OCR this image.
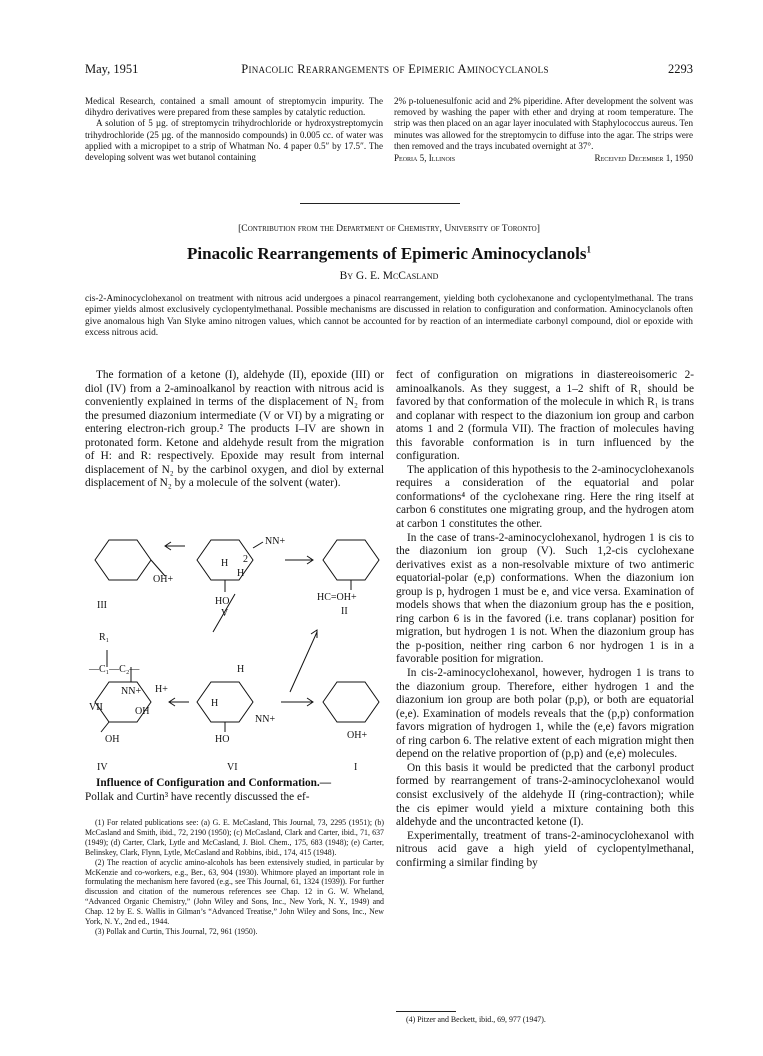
May, 1951	Pinacolic Rearrangements of Epimeric Aminocyclanols	2293

Medical Research, contained a small amount of streptomycin impurity. The dihydro derivatives were prepared from these samples by catalytic reduction.

A solution of 5 µg. of streptomycin trihydrochloride or hydroxystreptomycin trihydrochloride (25 µg. of the mannosido compounds) in 0.005 cc. of water was applied with a micropipet to a strip of Whatman No. 4 paper 0.5″ by 17.5″. The developing solvent was wet butanol containing

2% p-toluenesulfonic acid and 2% piperidine. After development the solvent was removed by washing the paper with ether and drying at room temperature. The strip was then placed on an agar layer inoculated with Staphylococcus aureus. Ten minutes was allowed for the streptomycin to diffuse into the agar. The strips were then removed and the trays incubated overnight at 37°.

Peoria 5, Illinois	Received December 1, 1950
[Contribution from the Department of Chemistry, University of Toronto]
Pinacolic Rearrangements of Epimeric Aminocyclanols$^1$
By G. E. McCasland
cis-2-Aminocyclohexanol on treatment with nitrous acid undergoes a pinacol rearrangement, yielding both cyclohexanone and cyclopentylmethanal. The trans epimer yields almost exclusively cyclopentylmethanal. Possible mechanisms are discussed in relation to configuration and conformation. Aminocyclanols often give anomalous high Van Slyke amino nitrogen values, which cannot be accounted for by reaction of an intermediate carbonyl compound, diol or epoxide with excess nitrous acid.

The formation of a ketone (I), aldehyde (II), epoxide (III) or diol (IV) from a 2-aminoalkanol by reaction with nitrous acid is conveniently explained in terms of the displacement of N₂ from the presumed diazonium intermediate (V or VI) by a migrating or entering electron-rich group.² The products I–IV are shown in protonated form. Ketone and aldehyde result from the migration of H: and R: respectively. Epoxide may result from internal displacement of N₂ by the carbinol oxygen, and diol by external displacement of N₂ by a molecule of the solvent (water).

OH+
III
NN+
H 2
H
HO
V
HC=OH+
II
R₁
—C₁—C₂—
NN+
VII
H+
OH
H
NN+
H
HO	OH+
OH
IV	VI	I

Influence of Configuration and Conformation.—

Pollak and Curtin³ have recently discussed the ef-

(1) For related publications see: (a) G. E. McCasland, This Journal, 73, 2295 (1951); (b) McCasland and Smith, ibid., 72, 2190 (1950); (c) McCasland, Clark and Carter, ibid., 71, 637 (1949); (d) Carter, Clark, Lytle and McCasland, J. Biol. Chem., 175, 683 (1948); (e) Carter, Belinskey, Clark, Flynn, Lytle, McCasland and Robbins, ibid., 174, 415 (1948).

(2) The reaction of acyclic amino-alcohols has been extensively studied, in particular by McKenzie and co-workers, e.g., Ber., 63, 904 (1930). Whitmore played an important role in formulating the mechanism here favored (e.g., see This Journal, 61, 1324 (1939)). For further discussion and citation of the numerous references see Chap. 12 in G. W. Wheland, “Advanced Organic Chemistry,” (John Wiley and Sons, Inc., New York, N. Y., 1949) and Chap. 12 by E. S. Wallis in Gilman’s “Advanced Treatise,” John Wiley and Sons, Inc., New York, N. Y., 2nd ed., 1944.

(3) Pollak and Curtin, This Journal, 72, 961 (1950).

fect of configuration on migrations in diastereoisomeric 2-aminoalkanols. As they suggest, a 1–2 shift of R₁ should be favored by that conformation of the molecule in which R₁ is trans and coplanar with respect to the diazonium ion group and carbon atoms 1 and 2 (formula VII). The fraction of molecules having this favorable conformation is in turn influenced by the configuration.

The application of this hypothesis to the 2-aminocyclohexanols requires a consideration of the equatorial and polar conformations⁴ of the cyclohexane ring. Here the ring itself at carbon 6 constitutes one migrating group, and the hydrogen atom at carbon 1 constitutes the other.

In the case of trans-2-aminocyclohexanol, hydrogen 1 is cis to the diazonium ion group (V). Such 1,2-cis cyclohexane derivatives exist as a non-resolvable mixture of two antimeric equatorial-polar (e,p) conformations. When the diazonium ion group is p, hydrogen 1 must be e, and vice versa. Examination of models shows that when the diazonium group has the e position, ring carbon 6 is in the favored (i.e. trans coplanar) position for migration, but hydrogen 1 is not. When the diazonium group has the p-position, neither ring carbon 6 nor hydrogen 1 is in a favorable position for migration.

In cis-2-aminocyclohexanol, however, hydrogen 1 is trans to the diazonium group. Therefore, either hydrogen 1 and the diazonium ion group are both polar (p,p), or both are equatorial (e,e). Examination of models reveals that the (p,p) conformation favors migration of hydrogen 1, while the (e,e) favors migration of ring carbon 6. The relative extent of each migration might then depend on the relative proportion of (p,p) and (e,e) molecules.

On this basis it would be predicted that the carbonyl product formed by rearrangement of trans-2-aminocyclohexanol would consist exclusively of the aldehyde II (ring-contraction); while the cis epimer would yield a mixture containing both this aldehyde and the uncontracted ketone (I).

Experimentally, treatment of trans-2-aminocyclohexanol with nitrous acid gave a high yield of cyclopentylmethanal, confirming a similar finding by

(4) Pitzer and Beckett, ibid., 69, 977 (1947).
